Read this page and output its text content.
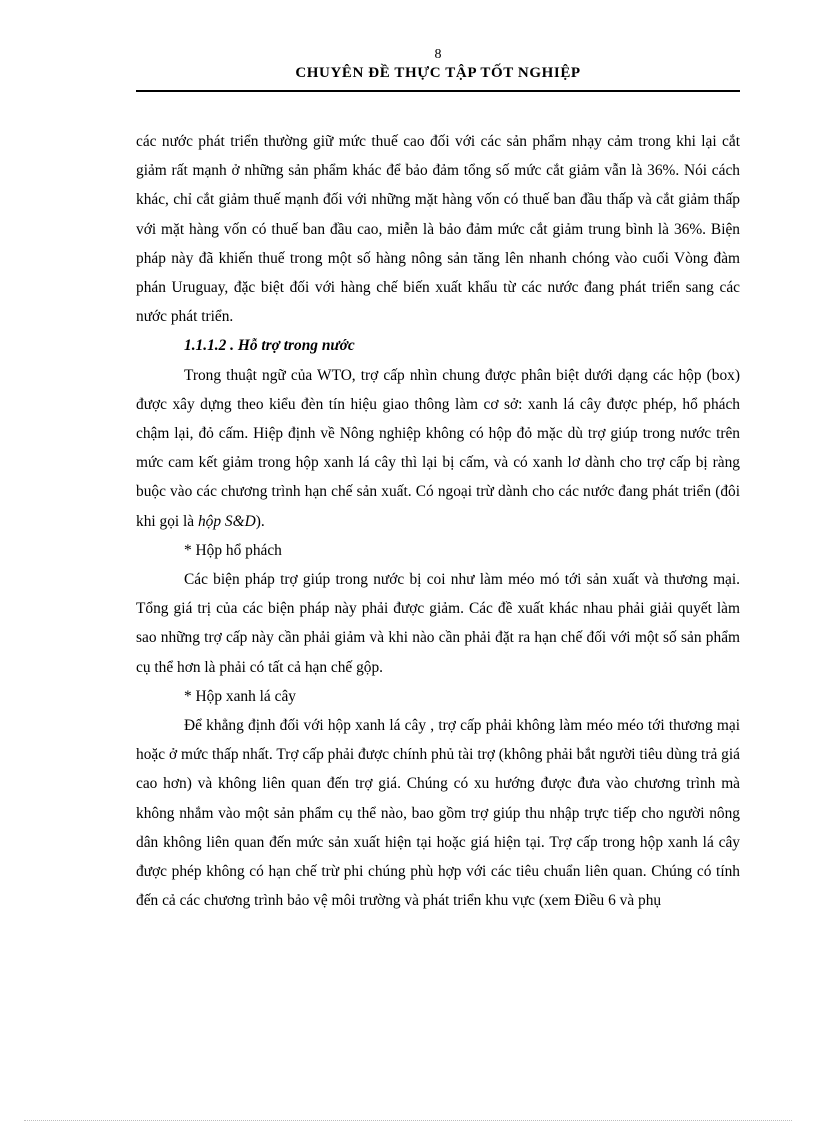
8
CHUYÊN ĐỀ THỰC TẬP TỐT NGHIỆP

các nước phát triển thường giữ mức thuế cao đối với các sản phẩm nhạy cảm trong khi lại cắt giảm rất mạnh ở những sản phẩm khác để bảo đảm tổng số mức cắt giảm vẫn là 36%. Nói cách khác, chỉ cắt giảm thuế mạnh đối với những mặt hàng vốn có thuế ban đầu thấp và cắt giảm thấp với mặt hàng vốn có thuế ban đầu cao, miễn là bảo đảm mức cắt giảm trung bình là 36%. Biện pháp này đã khiến thuế trong một số hàng nông sản tăng lên nhanh chóng vào cuối Vòng đàm phán Uruguay, đặc biệt đối với hàng chế biến xuất khẩu từ các nước đang phát triển sang các nước phát triển.

1.1.1.2 . Hỗ trợ trong nước

Trong thuật ngữ của WTO, trợ cấp nhìn chung được phân biệt dưới dạng các hộp (box) được xây dựng theo kiểu đèn tín hiệu giao thông làm cơ sở: xanh lá cây được phép, hổ phách chậm lại, đỏ cấm. Hiệp định về Nông nghiệp không có hộp đỏ mặc dù trợ giúp trong nước trên mức cam kết giảm trong hộp xanh lá cây thì lại bị cấm, và có xanh lơ dành cho trợ cấp bị ràng buộc vào các chương trình hạn chế sản xuất. Có ngoại trừ dành cho các nước đang phát triển (đôi khi gọi là hộp S&D).

* Hộp hổ phách

Các biện pháp trợ giúp trong nước bị coi như làm méo mó tới sản xuất và thương mại. Tổng giá trị của các biện pháp này phải được giảm. Các đề xuất khác nhau phải giải quyết làm sao những trợ cấp này cần phải giảm và khi nào cần phải đặt ra hạn chế đối với một số sản phẩm cụ thể hơn là phải có tất cả hạn chế gộp.

* Hộp xanh lá cây

Để khẳng định đối với hộp xanh lá cây , trợ cấp phải không làm méo méo tới thương mại hoặc ở mức thấp nhất. Trợ cấp phải được chính phủ tài trợ (không phải bắt người tiêu dùng trả giá cao hơn) và không liên quan đến trợ giá. Chúng có xu hướng được đưa vào chương trình mà không nhắm vào một sản phẩm cụ thể nào, bao gồm trợ giúp thu nhập trực tiếp cho người nông dân không liên quan đến mức sản xuất hiện tại hoặc giá hiện tại. Trợ cấp trong hộp xanh lá cây được phép không có hạn chế trừ phi chúng phù hợp với các tiêu chuẩn liên quan. Chúng có tính đến cả các chương trình bảo vệ môi trường và phát triển khu vực (xem Điều 6 và phụ
